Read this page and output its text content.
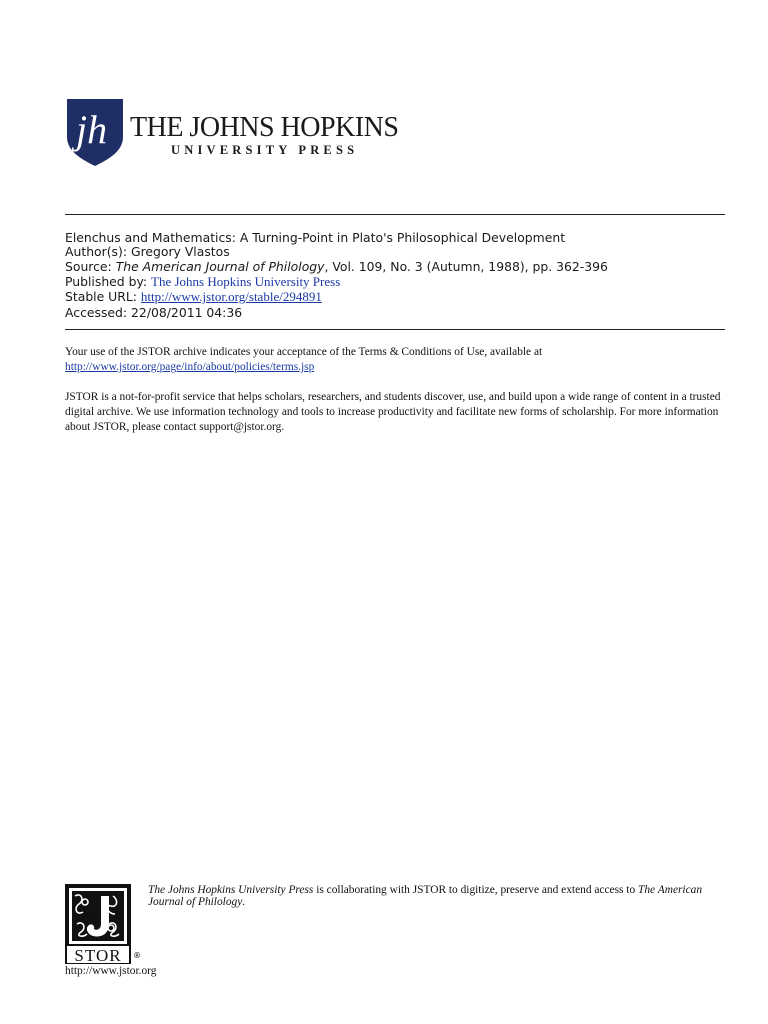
jh THE JOHNS HOPKINS
UNIVERSITY PRESS
Elenchus and Mathematics: A Turning-Point in Plato's Philosophical Development
Author(s): Gregory Vlastos
Source: The American Journal of Philology, Vol. 109, No. 3 (Autumn, 1988), pp. 362-396
Published by: The Johns Hopkins University Press
Stable URL: http://www.jstor.org/stable/294891
Accessed: 22/08/2011 04:36
Your use of the JSTOR archive indicates your acceptance of the Terms & Conditions of Use, available at
http://www.jstor.org/page/info/about/policies/terms.jsp
JSTOR is a not-for-profit service that helps scholars, researchers, and students discover, use, and build upon a wide range of content in a trusted digital archive. We use information technology and tools to increase productivity and facilitate new forms of scholarship. For more information about JSTOR, please contact support@jstor.org.
STOR ®
The Johns Hopkins University Press is collaborating with JSTOR to digitize, preserve and extend access to The American Journal of Philology.
http://www.jstor.org
